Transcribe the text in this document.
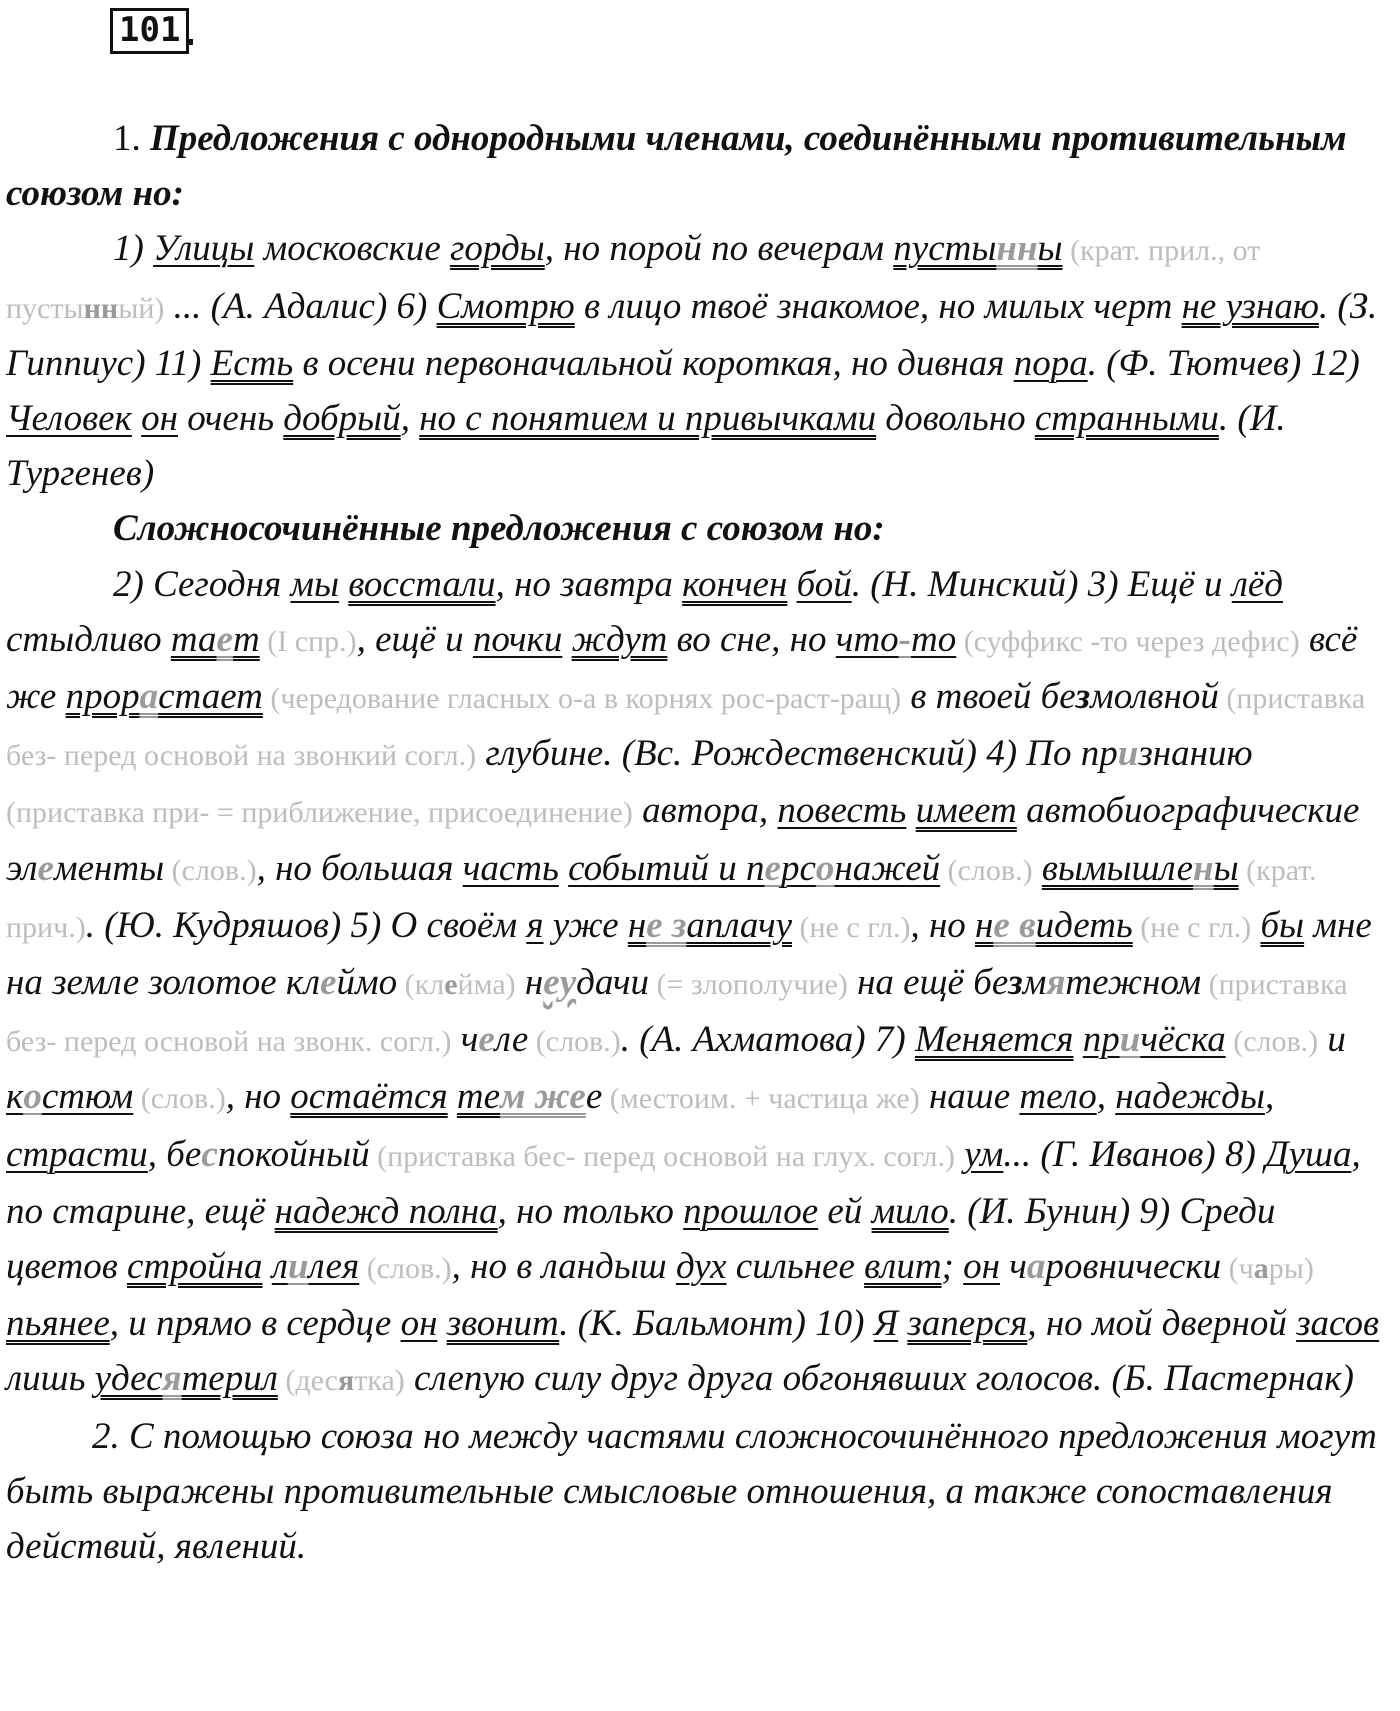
101 .

1. Предложения с однородными членами, соединёнными противительным союзом но:

1) Улицы московские горды, но порой по вечерам пустынны (крат. прил., от пустынный) ... (А. Адалис) 6) Смотрю в лицо твоё знакомое, но милых черт не узнаю. (З. Гиппиус) 11) Есть в осени первоначальной короткая, но дивная пора. (Ф. Тютчев) 12) Человек он очень добрый, но с понятием и привычками довольно странными. (И. Тургенев)

Сложносочинённые предложения с союзом но:

2) Сегодня мы восстали, но завтра кончен бой. (Н. Минский) 3) Ещё и лёд стыдливо тает (I спр.), ещё и почки ждут во сне, но что-то (суффикс -то через дефис) всё же прорастает (чередование гласных о-а в корнях рос-раст-ращ) в твоей безмолвной (приставка без- перед основой на звонкий согл.) глубине. (Вс. Рождественский) 4) По признанию (приставка при- = приближение, присоединение) автора, повесть имеет автобиографические элементы (слов.), но большая часть событий и персонажей (слов.) вымышлены (крат. прич.). (Ю. Кудряшов) 5) О своём я уже не заплачу (не с гл.), но не видеть (не с гл.) бы мне на земле золотое клеймо (клейма) неудачи (= злополучие) на ещё безмятежном (приставка без- перед основой на звонк. согл.) челе (слов.). (А. Ахматова) 7) Меняется причёска (слов.) и костюм (слов.), но остаётся тем жее (местоим. + частица же) наше тело, надежды, страсти, беспокойный (приставка бес- перед основой на глух. согл.) ум... (Г. Иванов) 8) Душа, по старине, ещё надежд полна, но только прошлое ей мило. (И. Бунин) 9) Среди цветов стройна лилея (слов.), но в ландыш дух сильнее влит; он чаровнически (чары) пьянее, и прямо в сердце он звонит. (К. Бальмонт) 10) Я заперся, но мой дверной засов лишь удесятерил (десятка) слепую силу друг друга обгонявших голосов. (Б. Пастернак)

2. С помощью союза но между частями сложносочинённого предложения могут быть выражены противительные смысловые отношения, а также сопоставления действий, явлений.
